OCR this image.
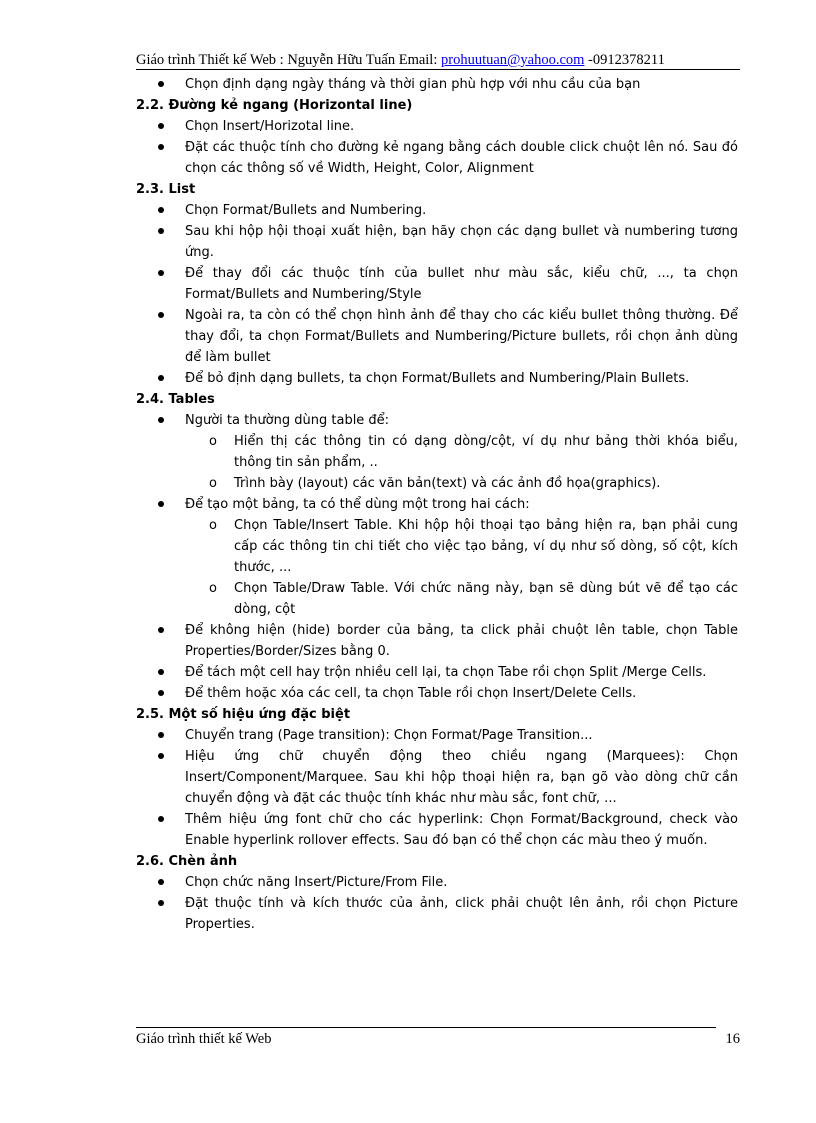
Giáo trình Thiết kế Web : Nguyễn Hữu Tuấn Email: prohuutuan@yahoo.com -0912378211
Chọn định dạng ngày tháng và thời gian phù hợp với nhu cầu của bạn
2.2. Đường kẻ ngang (Horizontal line)
Chọn Insert/Horizotal line.
Đặt các thuộc tính cho đường kẻ ngang bằng cách double click chuột lên nó. Sau đó chọn các thông số về Width, Height, Color, Alignment
2.3. List
Chọn Format/Bullets and Numbering.
Sau khi hộp hội thoại xuất hiện, bạn hãy chọn các dạng bullet và numbering tương ứng.
Để thay đổi các thuộc tính của bullet như màu sắc, kiểu chữ, ..., ta chọn Format/Bullets and Numbering/Style
Ngoài ra, ta còn có thể chọn hình ảnh để thay cho các kiểu bullet thông thường. Để thay đổi, ta chọn Format/Bullets and Numbering/Picture bullets, rồi chọn ảnh dùng để làm bullet
Để bỏ định dạng bullets, ta chọn Format/Bullets and Numbering/Plain Bullets.
2.4. Tables
Người ta thường dùng table để:
o	Hiển thị các thông tin có dạng dòng/cột, ví dụ như bảng thời khóa biểu, thông tin sản phẩm, ..
o	Trình bày (layout) các văn bản(text) và các ảnh đồ họa(graphics).
Để tạo một bảng, ta có thể dùng một trong hai cách:
o	Chọn Table/Insert Table. Khi hộp hội thoại tạo bảng hiện ra, bạn phải cung cấp các thông tin chi tiết cho việc tạo bảng, ví dụ như số dòng, số cột, kích thước, ...
o	Chọn Table/Draw Table. Với chức năng này, bạn sẽ dùng bút vẽ để tạo các dòng, cột
Để không hiện (hide) border của bảng, ta click phải chuột lên table, chọn Table Properties/Border/Sizes bằng 0.
Để tách một cell hay trộn nhiều cell lại, ta chọn Tabe rồi chọn Split /Merge Cells.
Để thêm hoặc xóa các cell, ta chọn Table rồi chọn Insert/Delete Cells.
2.5. Một số hiệu ứng đặc biệt
Chuyển trang (Page transition): Chọn Format/Page Transition...
Hiệu ứng chữ chuyển động theo chiều ngang (Marquees): Chọn Insert/Component/Marquee. Sau khi hộp thoại hiện ra, bạn gõ vào dòng chữ cần chuyển động và đặt các thuộc tính khác như màu sắc, font chữ, ...
Thêm hiệu ứng font chữ cho các hyperlink: Chọn Format/Background, check vào Enable hyperlink rollover effects. Sau đó bạn có thể chọn các màu theo ý muốn.
2.6. Chèn ảnh
Chọn chức năng Insert/Picture/From File.
Đặt thuộc tính và kích thước của ảnh, click phải chuột lên ảnh, rồi chọn Picture Properties.
Giáo trình thiết kế Web	16
